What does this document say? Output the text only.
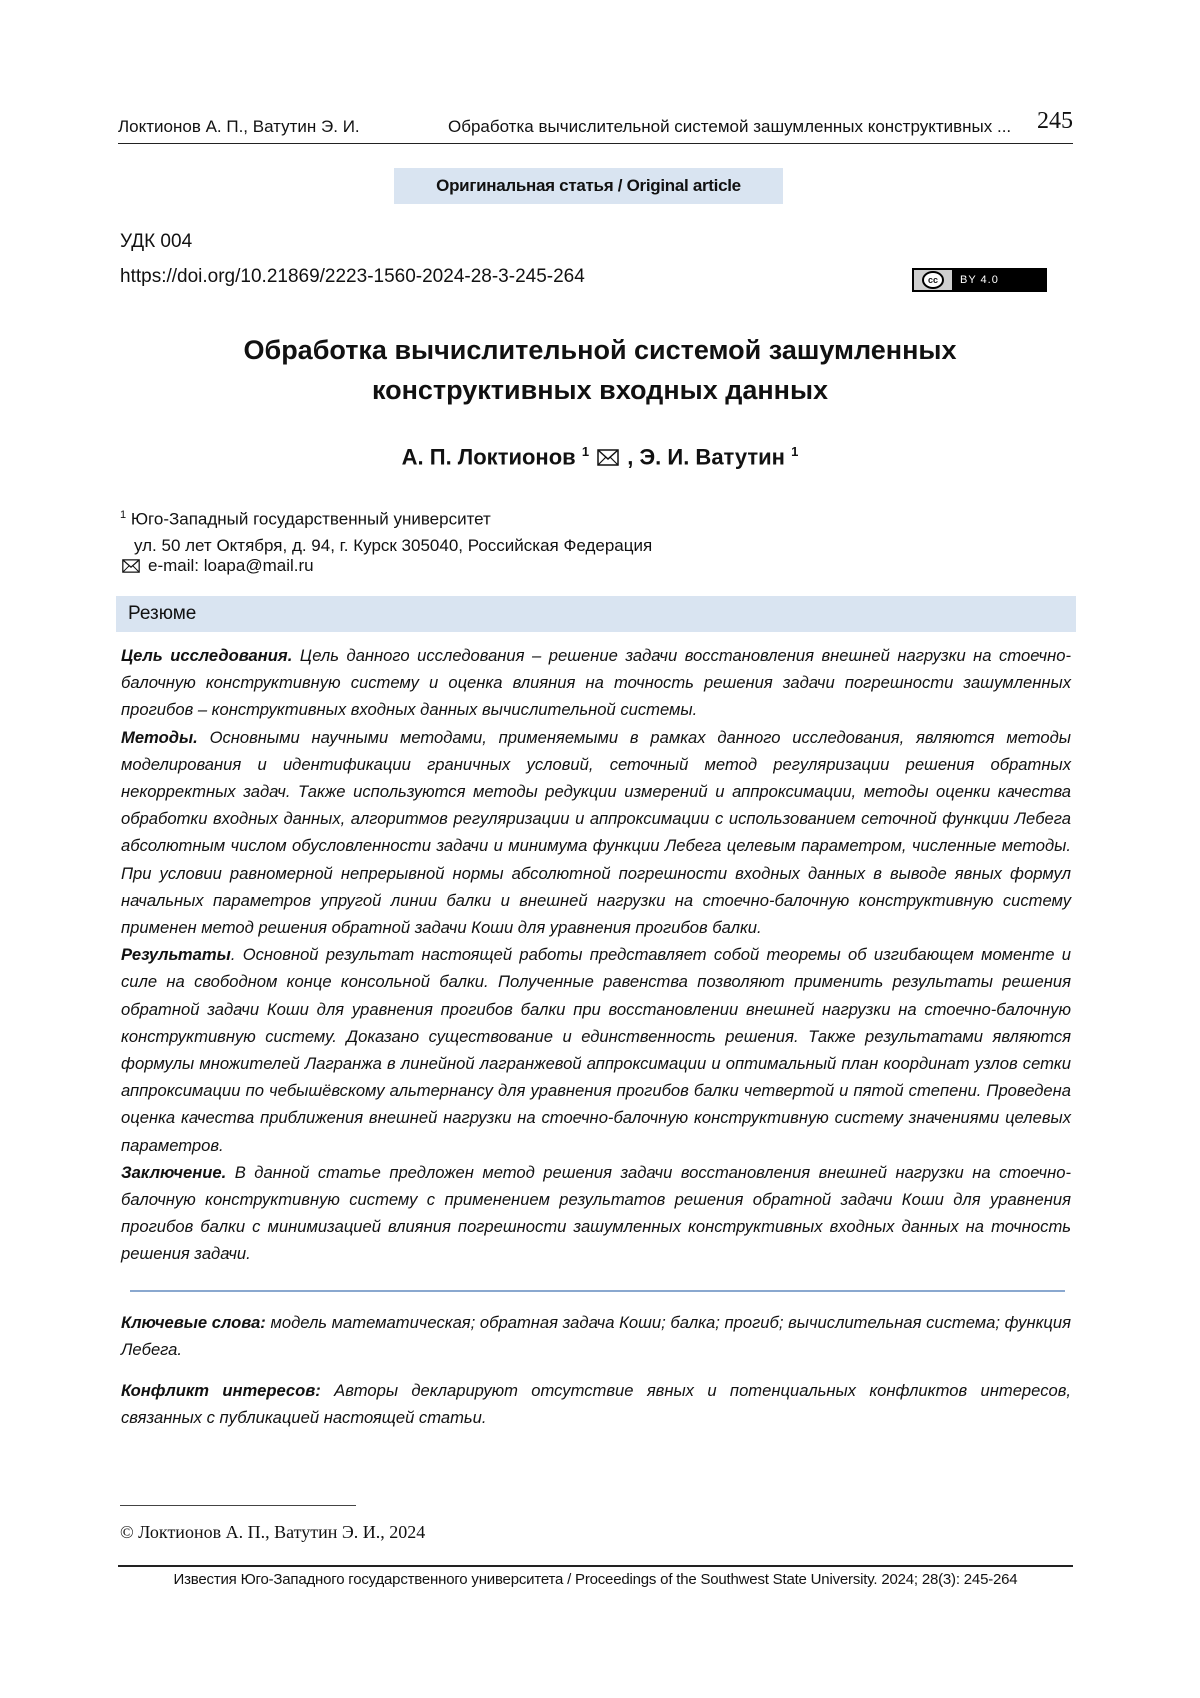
Локтионов А. П., Ватутин Э. И.	Обработка вычислительной системой зашумленных конструктивных ... 245
Оригинальная статья / Original article
УДК 004
https://doi.org/10.21869/2223-1560-2024-28-3-245-264	cc	BY 4.0
Обработка вычислительной системой зашумленных
конструктивных входных данных
А. П. Локтионов $^1$ , Э. И. Ватутин $^1$
$^1$ Юго-Западный государственный университет
ул. 50 лет Октября, д. 94, г. Курск 305040, Российская Федерация
e-mail: loapa@mail.ru
Резюме

Цель исследования. Цель данного исследования – решение задачи восстановления внешней нагрузки на стоечно-балочную конструктивную систему и оценка влияния на точность решения задачи погрешности зашумленных прогибов – конструктивных входных данных вычислительной системы.

Методы. Основными научными методами, применяемыми в рамках данного исследования, являются методы моделирования и идентификации граничных условий, сеточный метод регуляризации решения обратных некорректных задач. Также используются методы редукции измерений и аппроксимации, методы оценки качества обработки входных данных, алгоритмов регуляризации и аппроксимации с использованием сеточной функции Лебега абсолютным числом обусловленности задачи и минимума функции Лебега целевым параметром, численные методы. При условии равномерной непрерывной нормы абсолютной погрешности входных данных в выводе явных формул начальных параметров упругой линии балки и внешней нагрузки на стоечно-балочную конструктивную систему применен метод решения обратной задачи Коши для уравнения прогибов балки.

Результаты. Основной результат настоящей работы представляет собой теоремы об изгибающем моменте и силе на свободном конце консольной балки. Полученные равенства позволяют применить результаты решения обратной задачи Коши для уравнения прогибов балки при восстановлении внешней нагрузки на стоечно-балочную конструктивную систему. Доказано существование и единственность решения. Также результатами являются формулы множителей Лагранжа в линейной лагранжевой аппроксимации и оптимальный план координат узлов сетки аппроксимации по чебышёвскому альтернансу для уравнения прогибов балки четвертой и пятой степени. Проведена оценка качества приближения внешней нагрузки на стоечно-балочную конструктивную систему значениями целевых параметров.

Заключение. В данной статье предложен метод решения задачи восстановления внешней нагрузки на стоечно-балочную конструктивную систему с применением результатов решения обратной задачи Коши для уравнения прогибов балки с минимизацией влияния погрешности зашумленных конструктивных входных данных на точность решения задачи.

Ключевые слова: модель математическая; обратная задача Коши; балка; прогиб; вычислительная система; функция Лебега.
Конфликт интересов: Авторы декларируют отсутствие явных и потенциальных конфликтов интересов, связанных с публикацией настоящей статьи.
© Локтионов А. П., Ватутин Э. И., 2024
Известия Юго-Западного государственного университета / Proceedings of the Southwest State University. 2024; 28(3): 245-264
